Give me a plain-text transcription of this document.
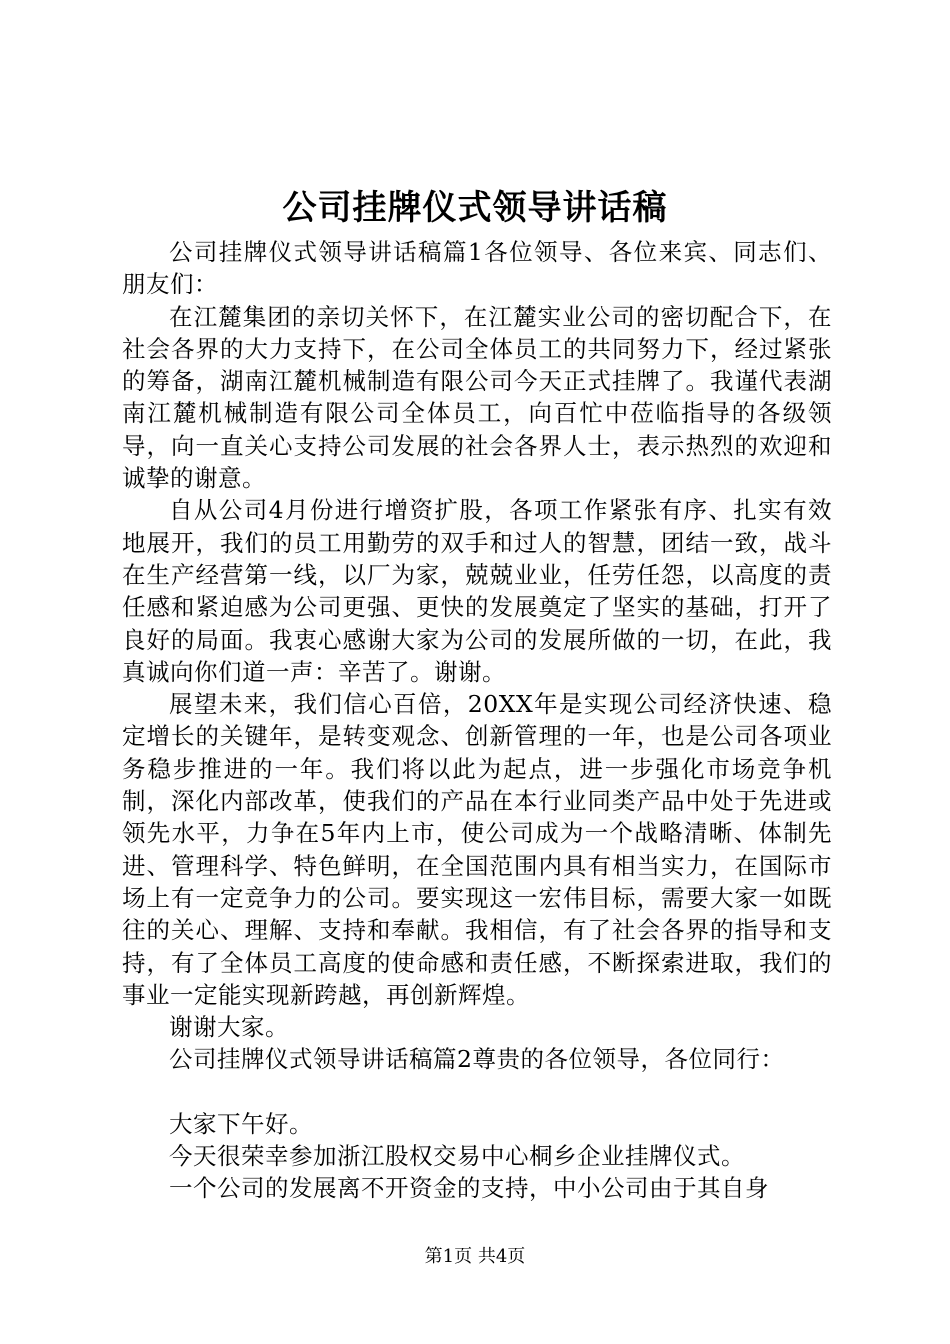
公司挂牌仪式领导讲话稿

公司挂牌仪式领导讲话稿篇1各位领导、各位来宾、同志们、朋友们：

在江麓集团的亲切关怀下，在江麓实业公司的密切配合下，在社会各界的大力支持下，在公司全体员工的共同努力下，经过紧张的筹备，湖南江麓机械制造有限公司今天正式挂牌了。我谨代表湖南江麓机械制造有限公司全体员工，向百忙中莅临指导的各级领导，向一直关心支持公司发展的社会各界人士，表示热烈的欢迎和诚挚的谢意。

自从公司4月份进行增资扩股，各项工作紧张有序、扎实有效地展开，我们的员工用勤劳的双手和过人的智慧，团结一致，战斗在生产经营第一线，以厂为家，兢兢业业，任劳任怨，以高度的责任感和紧迫感为公司更强、更快的发展奠定了坚实的基础，打开了良好的局面。我衷心感谢大家为公司的发展所做的一切，在此，我真诚向你们道一声：辛苦了。谢谢。

展望未来，我们信心百倍，20XX年是实现公司经济快速、稳定增长的关键年，是转变观念、创新管理的一年，也是公司各项业务稳步推进的一年。我们将以此为起点，进一步强化市场竞争机制，深化内部改革，使我们的产品在本行业同类产品中处于先进或领先水平，力争在5年内上市，使公司成为一个战略清晰、体制先进、管理科学、特色鲜明，在全国范围内具有相当实力，在国际市场上有一定竞争力的公司。要实现这一宏伟目标，需要大家一如既往的关心、理解、支持和奉献。我相信，有了社会各界的指导和支持，有了全体员工高度的使命感和责任感，不断探索进取，我们的事业一定能实现新跨越，再创新辉煌。

谢谢大家。

公司挂牌仪式领导讲话稿篇2尊贵的各位领导，各位同行：

大家下午好。

今天很荣幸参加浙江股权交易中心桐乡企业挂牌仪式。

一个公司的发展离不开资金的支持，中小公司由于其自身

第1页 共4页
